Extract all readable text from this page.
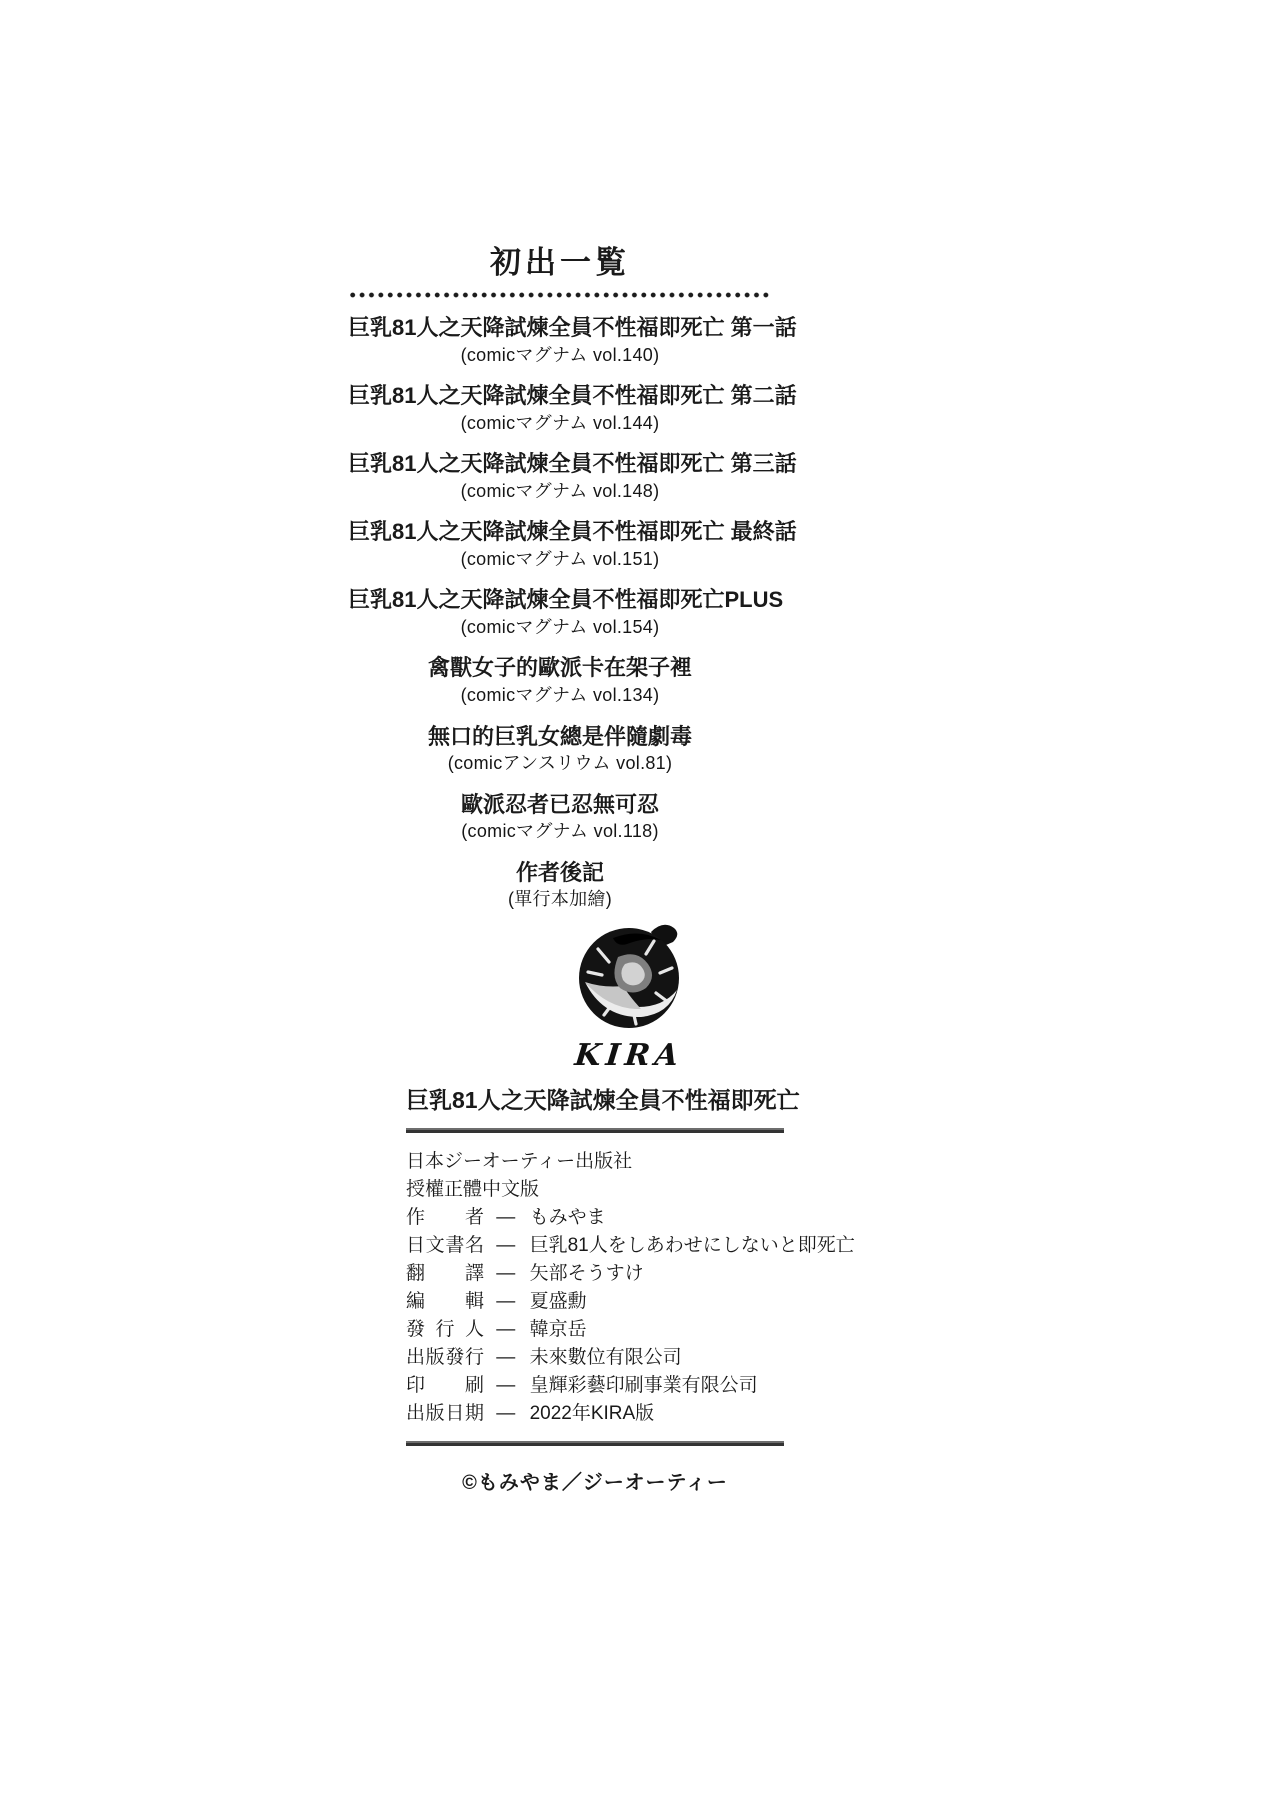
初出一覧
巨乳81人之天降試煉全員不性福即死亡 第一話
(comicマグナム vol.140)
巨乳81人之天降試煉全員不性福即死亡 第二話
(comicマグナム vol.144)
巨乳81人之天降試煉全員不性福即死亡 第三話
(comicマグナム vol.148)
巨乳81人之天降試煉全員不性福即死亡 最終話
(comicマグナム vol.151)
巨乳81人之天降試煉全員不性福即死亡PLUS
(comicマグナム vol.154)
禽獸女子的歐派卡在架子裡
(comicマグナム vol.134)
無口的巨乳女總是伴隨劇毒
(comicアンスリウム vol.81)
歐派忍者已忍無可忍
(comicマグナム vol.118)
作者後記
(單行本加繪)
KIRA
巨乳81人之天降試煉全員不性福即死亡
日本ジーオーティー出版社
授權正體中文版
作者 — もみやま
日文書名 — 巨乳81人をしあわせにしないと即死亡
翻譯 — 矢部そうすけ
編輯 — 夏盛勳
發行人 — 韓京岳
出版發行 — 未來數位有限公司
印刷 — 皇輝彩藝印刷事業有限公司
出版日期 — 2022年KIRA版
©もみやま／ジーオーティー
